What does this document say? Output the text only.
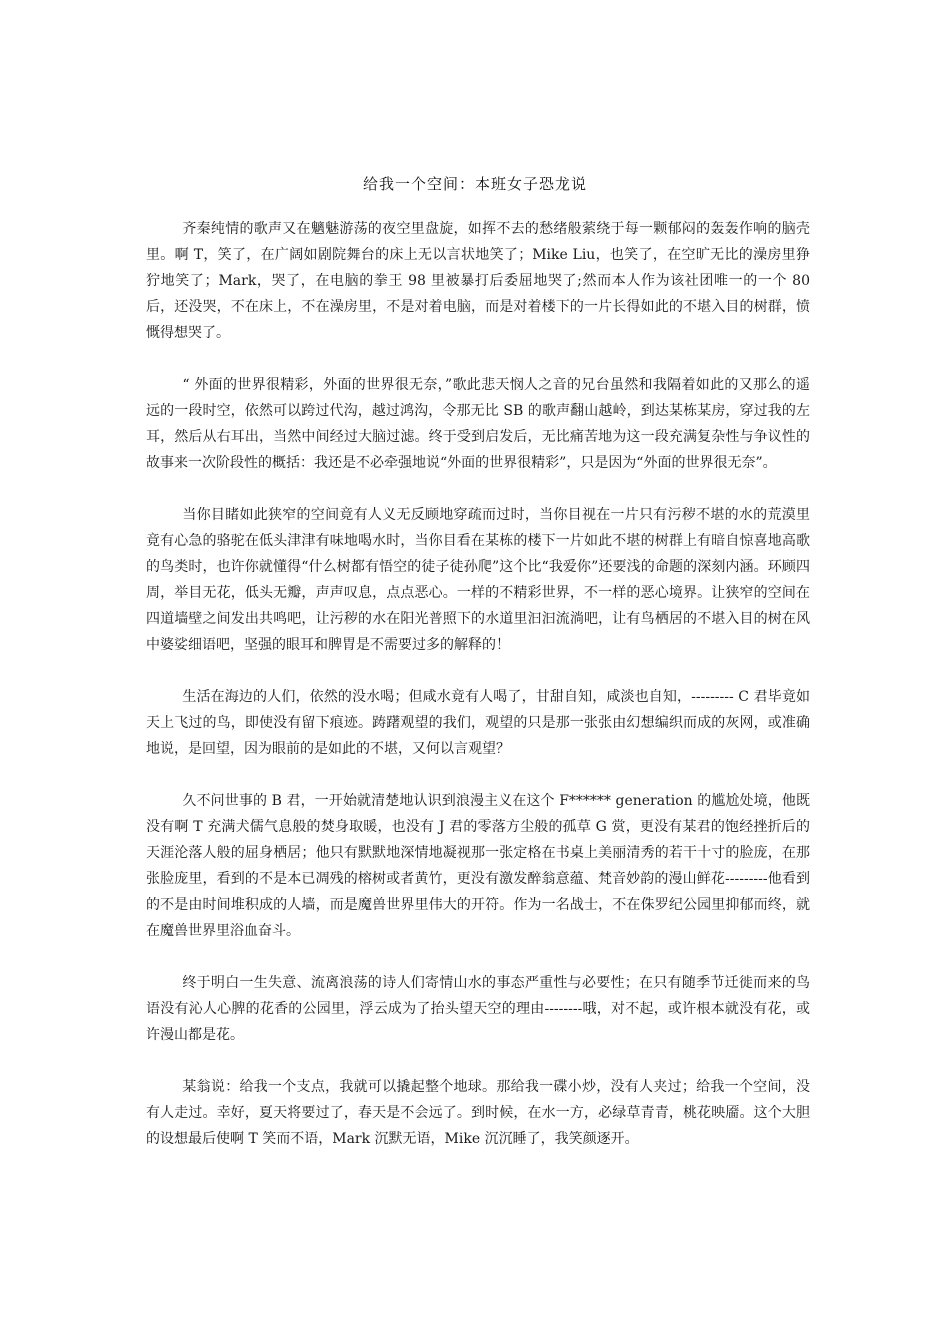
给我一个空间：本班女子恐龙说

齐秦纯情的歌声又在魑魅游荡的夜空里盘旋，如挥不去的愁绪般萦绕于每一颗郁闷的轰轰作响的脑壳里。啊 T，笑了，在广阔如剧院舞台的床上无以言状地笑了；Mike Liu，也笑了，在空旷无比的澡房里狰狞地笑了；Mark，哭了，在电脑的拳王 98 里被暴打后委屈地哭了;然而本人作为该社团唯一的一个 80 后，还没哭，不在床上，不在澡房里，不是对着电脑，而是对着楼下的一片长得如此的不堪入目的树群，愤慨得想哭了。

“ 外面的世界很精彩，外面的世界很无奈，”歌此悲天悯人之音的兄台虽然和我隔着如此的又那么的遥远的一段时空，依然可以跨过代沟，越过鸿沟，令那无比 SB 的歌声翻山越岭，到达某栋某房，穿过我的左耳，然后从右耳出，当然中间经过大脑过滤。终于受到启发后，无比痛苦地为这一段充满复杂性与争议性的故事来一次阶段性的概括：我还是不必牵强地说“外面的世界很精彩”，只是因为“外面的世界很无奈”。

当你目睹如此狭窄的空间竟有人义无反顾地穿疏而过时，当你目视在一片只有污秽不堪的水的荒漠里竟有心急的骆驼在低头津津有味地喝水时，当你目看在某栋的楼下一片如此不堪的树群上有暗自惊喜地高歌的鸟类时，也许你就懂得“什么树都有悟空的徒子徒孙爬”这个比“我爱你”还要浅的命题的深刻内涵。环顾四周，举目无花，低头无瓣，声声叹息，点点恶心。一样的不精彩世界，不一样的恶心境界。让狭窄的空间在四道墙壁之间发出共鸣吧，让污秽的水在阳光普照下的水道里汩汩流淌吧，让有鸟栖居的不堪入目的树在风中婆娑细语吧，坚强的眼耳和脾胃是不需要过多的解释的！

生活在海边的人们，依然的没水喝；但咸水竟有人喝了，甘甜自知，咸淡也自知，--------- C 君毕竟如天上飞过的鸟，即使没有留下痕迹。踌躇观望的我们，观望的只是那一张张由幻想编织而成的灰网，或准确地说，是回望，因为眼前的是如此的不堪，又何以言观望？

久不问世事的 B 君，一开始就清楚地认识到浪漫主义在这个 F****** generation 的尴尬处境，他既没有啊 T 充满犬儒气息般的焚身取暖，也没有 J 君的零落方尘般的孤草 G 赏，更没有某君的饱经挫折后的天涯沦落人般的屈身栖居；他只有默默地深情地凝视那一张定格在书桌上美丽清秀的若干十寸的脸庞，在那张脸庞里，看到的不是本已凋残的榕树或者黄竹，更没有激发醉翁意蕴、梵音妙韵的漫山鲜花---------他看到的不是由时间堆积成的人墙，而是魔兽世界里伟大的开符。作为一名战士，不在侏罗纪公园里抑郁而终，就在魔兽世界里浴血奋斗。

终于明白一生失意、流离浪荡的诗人们寄情山水的事态严重性与必要性；在只有随季节迁徙而来的鸟语没有沁人心脾的花香的公园里，浮云成为了抬头望天空的理由--------哦，对不起，或许根本就没有花，或许漫山都是花。

某翁说：给我一个支点，我就可以撬起整个地球。那给我一碟小炒，没有人夹过；给我一个空间，没有人走过。幸好，夏天将要过了，春天是不会远了。到时候，在水一方，必绿草青青，桃花映靥。这个大胆的设想最后使啊 T 笑而不语，Mark 沉默无语，Mike 沉沉睡了，我笑颜逐开。
